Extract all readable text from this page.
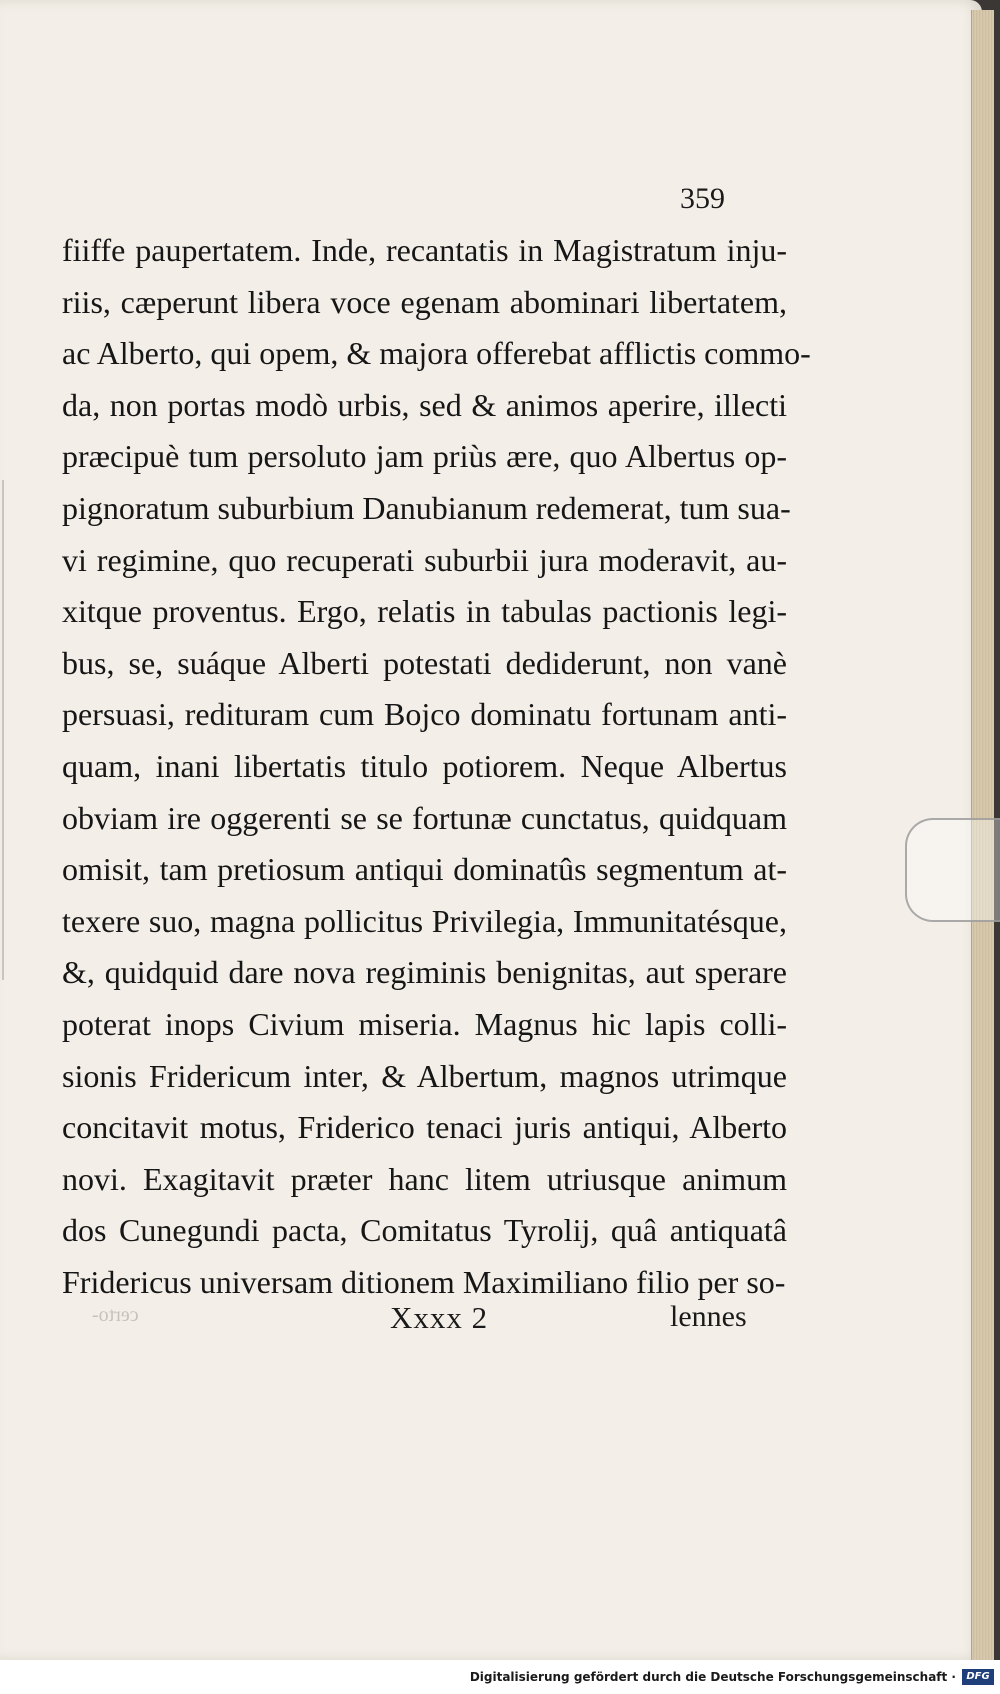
359
fiiffe paupertatem. Inde, recantatis in Magistratum inju-
riis, cæperunt libera voce egenam abominari libertatem,
ac Alberto, qui opem, & majora offerebat afflictis commo-
da, non portas modò urbis, sed & animos aperire, illecti
præcipuè tum persoluto jam priùs ære, quo Albertus op-
pignoratum suburbium Danubianum redemerat, tum sua-
vi regimine, quo recuperati suburbii jura moderavit, au-
xitque proventus. Ergo, relatis in tabulas pactionis legi-
bus, se, suáque Alberti potestati dediderunt, non vanè
persuasi, redituram cum Bojco dominatu fortunam anti-
quam, inani libertatis titulo potiorem. Neque Albertus
obviam ire oggerenti se se fortunæ cunctatus, quidquam
omisit, tam pretiosum antiqui dominatûs segmentum at-
texere suo, magna pollicitus Privilegia, Immunitatésque,
&, quidquid dare nova regiminis benignitas, aut sperare
poterat inops Civium miseria. Magnus hic lapis colli-
sionis Fridericum inter, & Albertum, magnos utrimque
concitavit motus, Friderico tenaci juris antiqui, Alberto
novi. Exagitavit præter hanc litem utriusque animum
dos Cunegundi pacta, Comitatus Tyrolij, quâ antiquatâ
Fridericus universam ditionem Maximiliano filio per so-
certo-	Xxxx 2	lennes
Digitalisierung gefördert durch die Deutsche Forschungsgemeinschaft ·	DFG
